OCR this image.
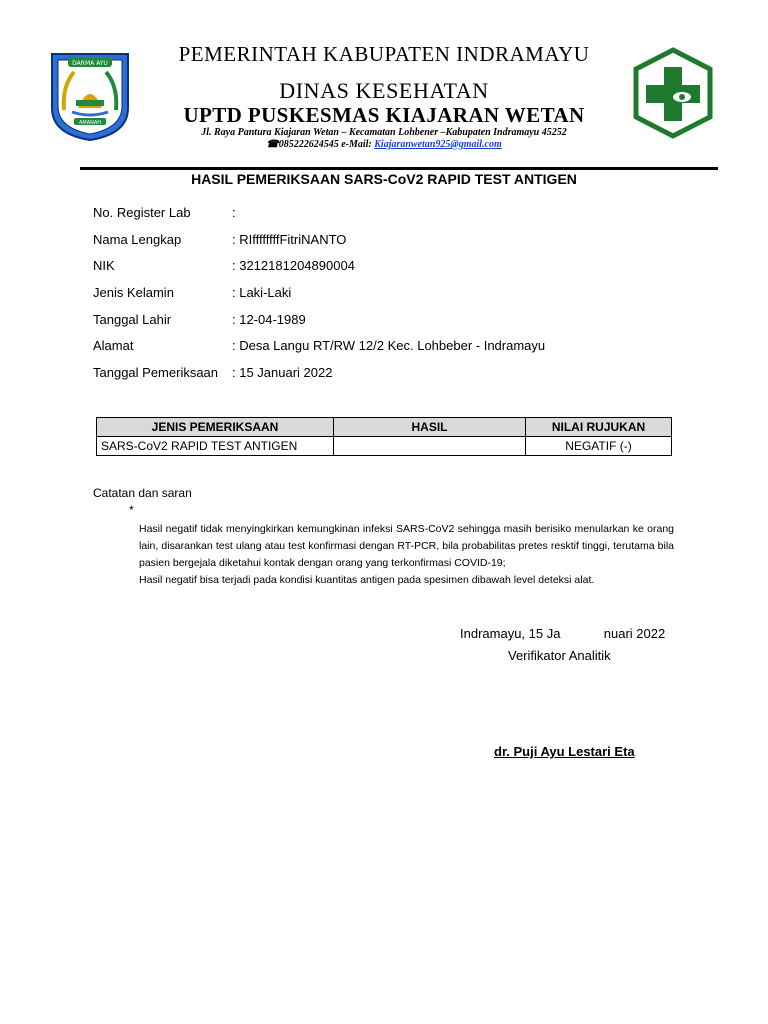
DARMA AYU
AMANAH
PEMERINTAH KABUPATEN INDRAMAYU
DINAS KESEHATAN
UPTD PUSKESMAS KIAJARAN WETAN
Jl. Raya Pantura Kiajaran Wetan – Kecamatan Lohbener –Kabupaten Indramayu 45252
☎085222624545 e-Mail: Kiajaranwetan925@gmail.com
HASIL PEMERIKSAAN SARS-CoV2 RAPID TEST ANTIGEN
No. Register Lab	:
Nama Lengkap	: RIffffffffFitriNANTO
NIK	: 3212181204890004
Jenis Kelamin	: Laki-Laki
Tanggal Lahir	: 12-04-1989
Alamat	: Desa Langu RT/RW 12/2 Kec. Lohbeber - Indramayu
Tanggal Pemeriksaan : 15 Januari 2022
JENIS PEMERIKSAAN	HASIL	NILAI RUJUKAN
SARS-CoV2 RAPID TEST ANTIGEN		NEGATIF (-)
Catatan dan saran
*
Hasil negatif tidak menyingkirkan kemungkinan infeksi SARS-CoV2 sehingga masih berisiko menularkan ke orang lain, disarankan test ulang atau test konfirmasi dengan RT-PCR, bila probabilitas pretes resktif tinggi, terutama bila pasien bergejala diketahui kontak dengan orang yang terkonfirmasi COVID-19;
Hasil negatif bisa terjadi pada kondisi kuantitas antigen pada spesimen dibawah level deteksi alat.
Indramayu, 15 Ja            nuari 2022
Verifikator Analitik
dr. Puji Ayu Lestari Eta
